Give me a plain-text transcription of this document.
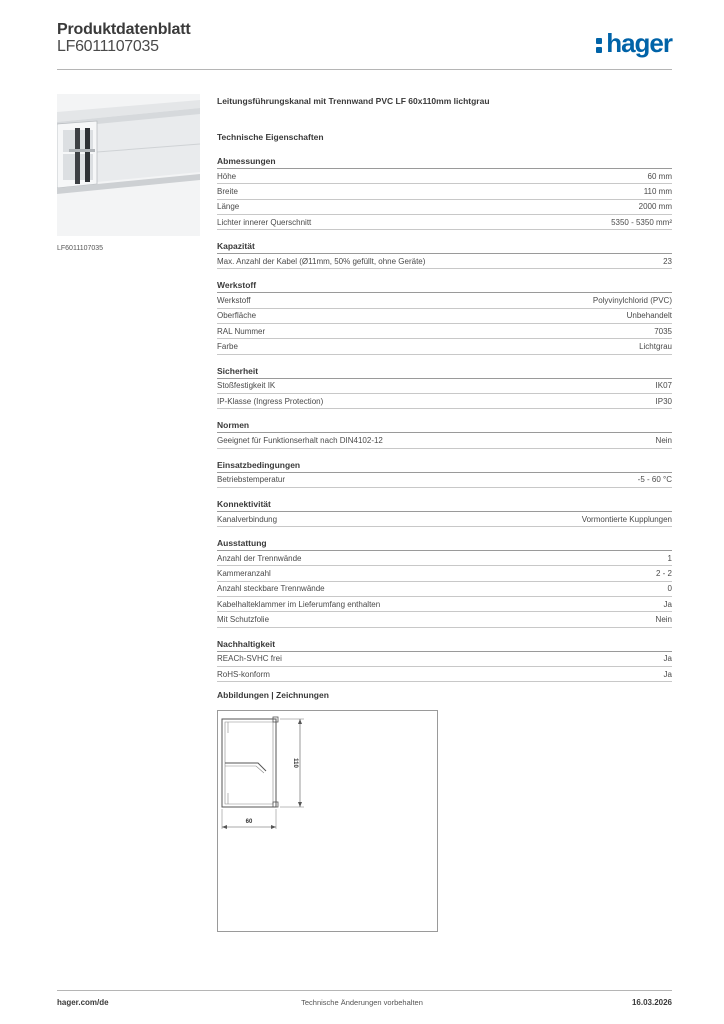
Produktdatenblatt
LF6011107035	hager
LF6011107035
Leitungsführungskanal mit Trennwand PVC LF 60x110mm lichtgrau
Technische Eigenschaften
Abmessungen
Höhe	60 mm
Breite	110 mm
Länge	2000 mm
Lichter innerer Querschnitt	5350 - 5350 mm²
Kapazität
Max. Anzahl der Kabel (Ø11mm, 50% gefüllt, ohne Geräte)	23
Werkstoff
Werkstoff	Polyvinylchlorid (PVC)
Oberfläche	Unbehandelt
RAL Nummer	7035
Farbe	Lichtgrau
Sicherheit
Stoßfestigkeit IK	IK07
IP-Klasse (Ingress Protection)	IP30
Normen
Geeignet für Funktionserhalt nach DIN4102-12	Nein
Einsatzbedingungen
Betriebstemperatur	-5 - 60 °C
Konnektivität
Kanalverbindung	Vormontierte Kupplungen
Ausstattung
Anzahl der Trennwände	1
Kammeranzahl	2 - 2
Anzahl steckbare Trennwände	0
Kabelhalteklammer im Lieferumfang enthalten	Ja
Mit Schutzfolie	Nein
Nachhaltigkeit
REACh-SVHC frei	Ja
RoHS-konform	Ja
Abbildungen | Zeichnungen
110
60
hager.com/de	Technische Änderungen vorbehalten	16.03.2026
